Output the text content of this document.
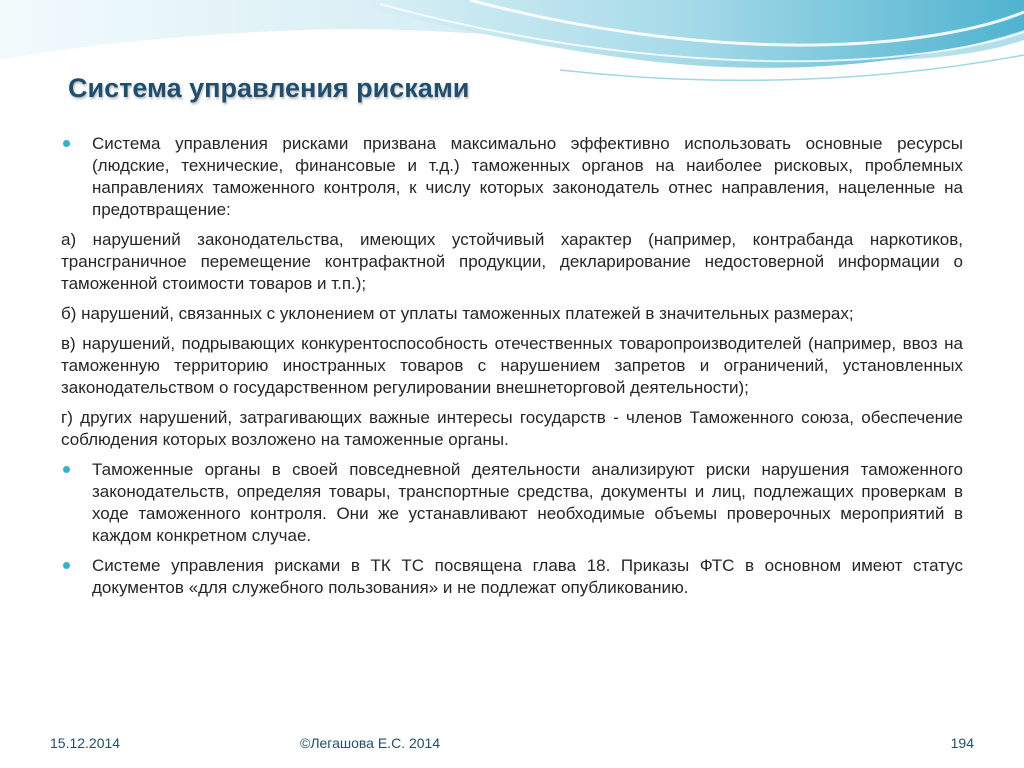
Система управления рисками

Система управления рисками призвана максимально эффективно использовать основные ресурсы (людские, технические, финансовые и т.д.) таможенных органов на наиболее рисковых, проблемных направлениях таможенного контроля, к числу которых законодатель отнес направления, нацеленные на предотвращение:

а) нарушений законодательства, имеющих устойчивый характер (например, контрабанда наркотиков, трансграничное перемещение контрафактной продукции, декларирование недостоверной информации о таможенной стоимости товаров и т.п.);

б) нарушений, связанных с уклонением от уплаты таможенных платежей в значительных размерах;

в) нарушений, подрывающих конкурентоспособность отечественных товаропроизводителей (например, ввоз на таможенную территорию иностранных товаров с нарушением запретов и ограничений, установленных законодательством о государственном регулировании внешнеторговой деятельности);

г) других нарушений, затрагивающих важные интересы государств - членов Таможенного союза, обеспечение соблюдения которых возложено на таможенные органы.

Таможенные органы в своей повседневной деятельности анализируют риски нарушения таможенного законодательств, определяя товары, транспортные средства, документы и лиц, подлежащих проверкам в ходе таможенного контроля. Они же устанавливают необходимые объемы проверочных мероприятий в каждом конкретном случае.

Системе управления рисками в ТК ТС посвящена глава 18. Приказы ФТС в основном имеют статус документов «для служебного пользования» и не подлежат опубликованию.

15.12.2014	©Легашова Е.С. 2014	194
